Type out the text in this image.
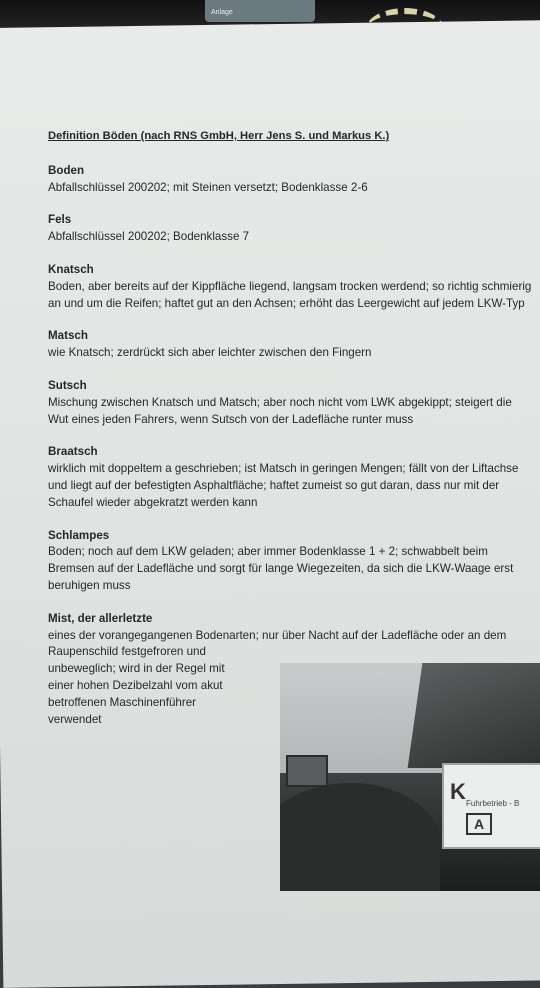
Anlage

Definition Böden (nach RNS GmbH, Herr Jens S. und Markus K.)

Boden

Abfallschlüssel 200202; mit Steinen versetzt; Bodenklasse 2-6

Fels

Abfallschlüssel 200202; Bodenklasse 7

Knatsch

Boden, aber bereits auf der Kippfläche liegend, langsam trocken werdend; so richtig schmierig an und um die Reifen; haftet gut an den Achsen; erhöht das Leergewicht auf jedem LKW-Typ

Matsch

wie Knatsch; zerdrückt sich aber leichter zwischen den Fingern

Sutsch

Mischung zwischen Knatsch und Matsch; aber noch nicht vom LWK abgekippt; steigert die Wut eines jeden Fahrers, wenn Sutsch von der Ladefläche runter muss

Braatsch

wirklich mit doppeltem a geschrieben; ist Matsch in geringen Mengen; fällt von der Liftachse und liegt auf der befestigten Asphaltfläche; haftet zumeist so gut daran, dass nur mit der Schaufel wieder abgekratzt werden kann

Schlampes

Boden; noch auf dem LKW geladen; aber immer Bodenklasse 1 + 2; schwabbelt beim Bremsen auf der Ladefläche und sorgt für lange Wiegezeiten, da sich die LKW-Waage erst beruhigen muss

Mist, der allerletzte

eines der vorangegangenen Bodenarten; nur über Nacht auf der Ladefläche oder an dem

Raupenschild festgefroren und

unbeweglich; wird in der Regel mit

einer hohen Dezibelzahl vom akut

betroffenen Maschinenführer

verwendet

K Fuhrbetrieb - B
A
